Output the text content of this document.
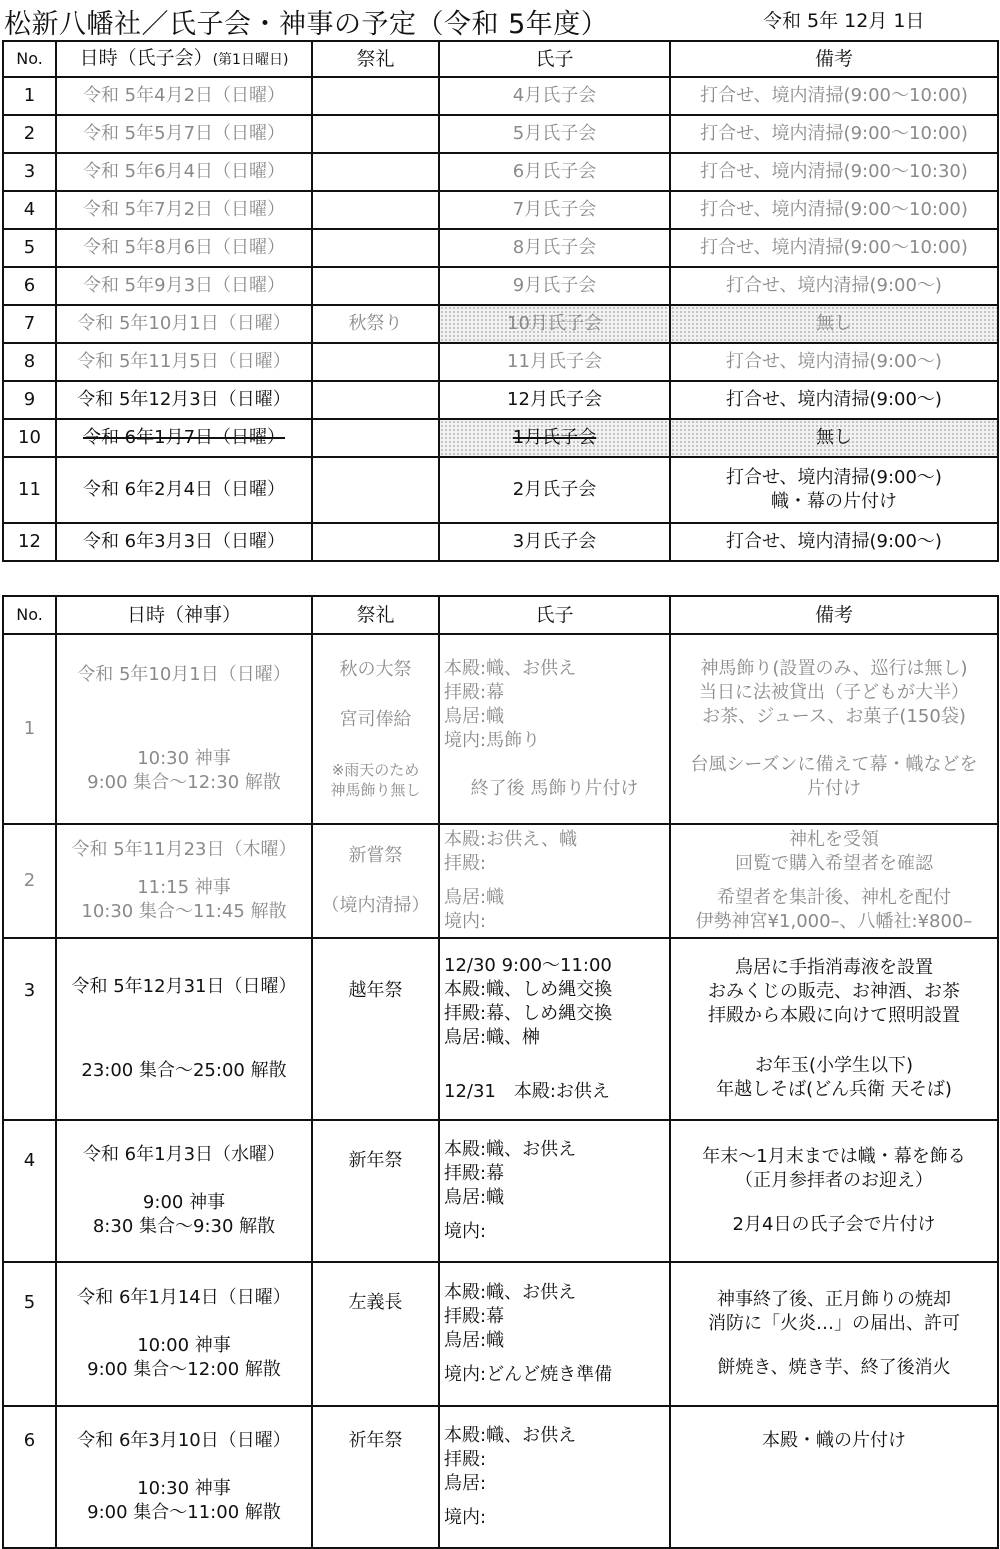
松新八幡社／氏子会・神事の予定（令和 5年度）	令和 5年 12月 1日
No.	日時（氏子会）(第1日曜日)	祭礼	氏子	備考
1	令和 5年4月2日（日曜）		4月氏子会	打合せ、境内清掃(9:00～10:00)
2	令和 5年5月7日（日曜）		5月氏子会	打合せ、境内清掃(9:00～10:00)
3	令和 5年6月4日（日曜）		6月氏子会	打合せ、境内清掃(9:00～10:30)
4	令和 5年7月2日（日曜）		7月氏子会	打合せ、境内清掃(9:00～10:00)
5	令和 5年8月6日（日曜）		8月氏子会	打合せ、境内清掃(9:00～10:00)
6	令和 5年9月3日（日曜）		9月氏子会	打合せ、境内清掃(9:00～)
7	令和 5年10月1日（日曜）	秋祭り	10月氏子会	無し
8	令和 5年11月5日（日曜）		11月氏子会	打合せ、境内清掃(9:00～)
9	令和 5年12月3日（日曜）		12月氏子会	打合せ、境内清掃(9:00～)
10	令和 6年1月7日（日曜）		1月氏子会	無し
11	令和 6年2月4日（日曜）		2月氏子会	打合せ、境内清掃(9:00～)
幟・幕の片付け

12	令和 6年3月3日（日曜）		3月氏子会	打合せ、境内清掃(9:00～)
No.	日時（神事）	祭礼	氏子	備考
1	令和 5年10月1日（日曜）
10:30 神事
9:00 集合～12:30 解散	秋の大祭
宮司俸給
※雨天のため
神馬飾り無し	本殿:幟、お供え
拝殿:幕
鳥居:幟
境内:馬飾り
終了後 馬飾り片付け	神馬飾り(設置のみ、巡行は無し)
当日に法被貸出（子どもが大半）
お茶、ジュース、お菓子(150袋)
台風シーズンに備えて幕・幟などを
片付け

2	令和 5年11月23日（木曜）
11:15 神事
10:30 集合～11:45 解散	新嘗祭
（境内清掃）	本殿:お供え、幟
拝殿:
鳥居:幟
境内:	神札を受領
回覧で購入希望者を確認
希望者を集計後、神札を配付
伊勢神宮¥1,000–、八幡社:¥800–

3	令和 5年12月31日（日曜）
23:00 集合～25:00 解散	越年祭	12/30 9:00～11:00
本殿:幟、しめ縄交換
拝殿:幕、しめ縄交換
鳥居:幟、榊
12/31　本殿:お供え	鳥居に手指消毒液を設置
おみくじの販売、お神酒、お茶
拝殿から本殿に向けて照明設置
お年玉(小学生以下)
年越しそば(どん兵衛 天そば)

4	令和 6年1月3日（水曜）
9:00 神事
8:30 集合～9:30 解散	新年祭	本殿:幟、お供え
拝殿:幕
鳥居:幟
境内:	年末～1月末までは幟・幕を飾る
（正月参拝者のお迎え）
2月4日の氏子会で片付け

5	令和 6年1月14日（日曜）
10:00 神事
9:00 集合～12:00 解散	左義長	本殿:幟、お供え
拝殿:幕
鳥居:幟
境内:どんど焼き準備	神事終了後、正月飾りの焼却
消防に「火炎…」の届出、許可
餅焼き、焼き芋、終了後消火

6	令和 6年3月10日（日曜）
10:30 神事
9:00 集合～11:00 解散	祈年祭	本殿:幟、お供え
拝殿:
鳥居:
境内:	本殿・幟の片付け
